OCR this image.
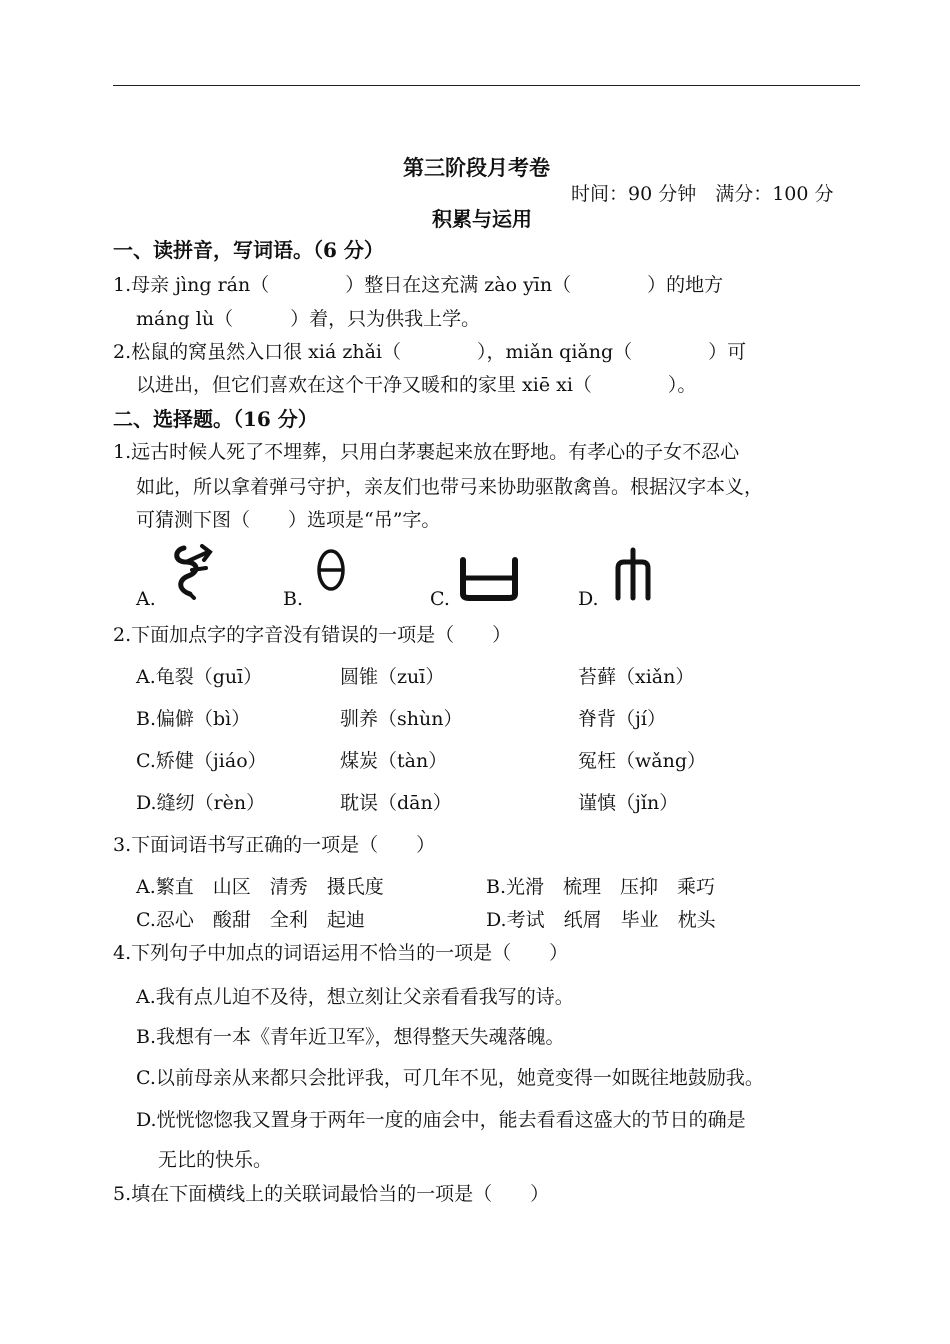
第三阶段月考卷
时间：90 分钟　满分：100 分
积累与运用
一、读拼音，写词语。（6 分）
1.母亲 jìng rán（　　　　）整日在这充满 zào yīn（　　　　）的地方
máng lù（　　　）着，只为供我上学。
2.松鼠的窝虽然入口很 xiá zhǎi（　　　　），miǎn qiǎng（　　　　）可
以进出，但它们喜欢在这个干净又暖和的家里 xiē xi（　　　　）。
二、选择题。（16 分）
1.远古时候人死了不埋葬，只用白茅裹起来放在野地。有孝心的子女不忍心
如此，所以拿着弹弓守护，亲友们也带弓来协助驱散禽兽。根据汉字本义，
可猜测下图（　　）选项是“吊”字。
A.	B.	C.	D.
2.下面加点字的字音没有错误的一项是（　　）
A.龟裂（guī）	圆锥（zuī）	苔藓（xiǎn）
B.偏僻（bì）	驯养（shùn）	脊背（jí）
C.矫健（jiáo）	煤炭（tàn）	冤枉（wǎng）
D.缝纫（rèn）	耽误（dān）	谨慎（jǐn）
3.下面词语书写正确的一项是（　　）
A.繁直　山区　清秀　摄氏度	B.光滑　梳理　压抑　乘巧
C.忍心　酸甜　全利　起迪	D.考试　纸屑　毕业　枕头
4.下列句子中加点的词语运用不恰当的一项是（　　）
A.我有点儿迫不及待，想立刻让父亲看看我写的诗。
B.我想有一本《青年近卫军》，想得整天失魂落魄。
C.以前母亲从来都只会批评我，可几年不见，她竟变得一如既往地鼓励我。
D.恍恍惚惚我又置身于两年一度的庙会中，能去看看这盛大的节日的确是
无比的快乐。
5.填在下面横线上的关联词最恰当的一项是（　　）
